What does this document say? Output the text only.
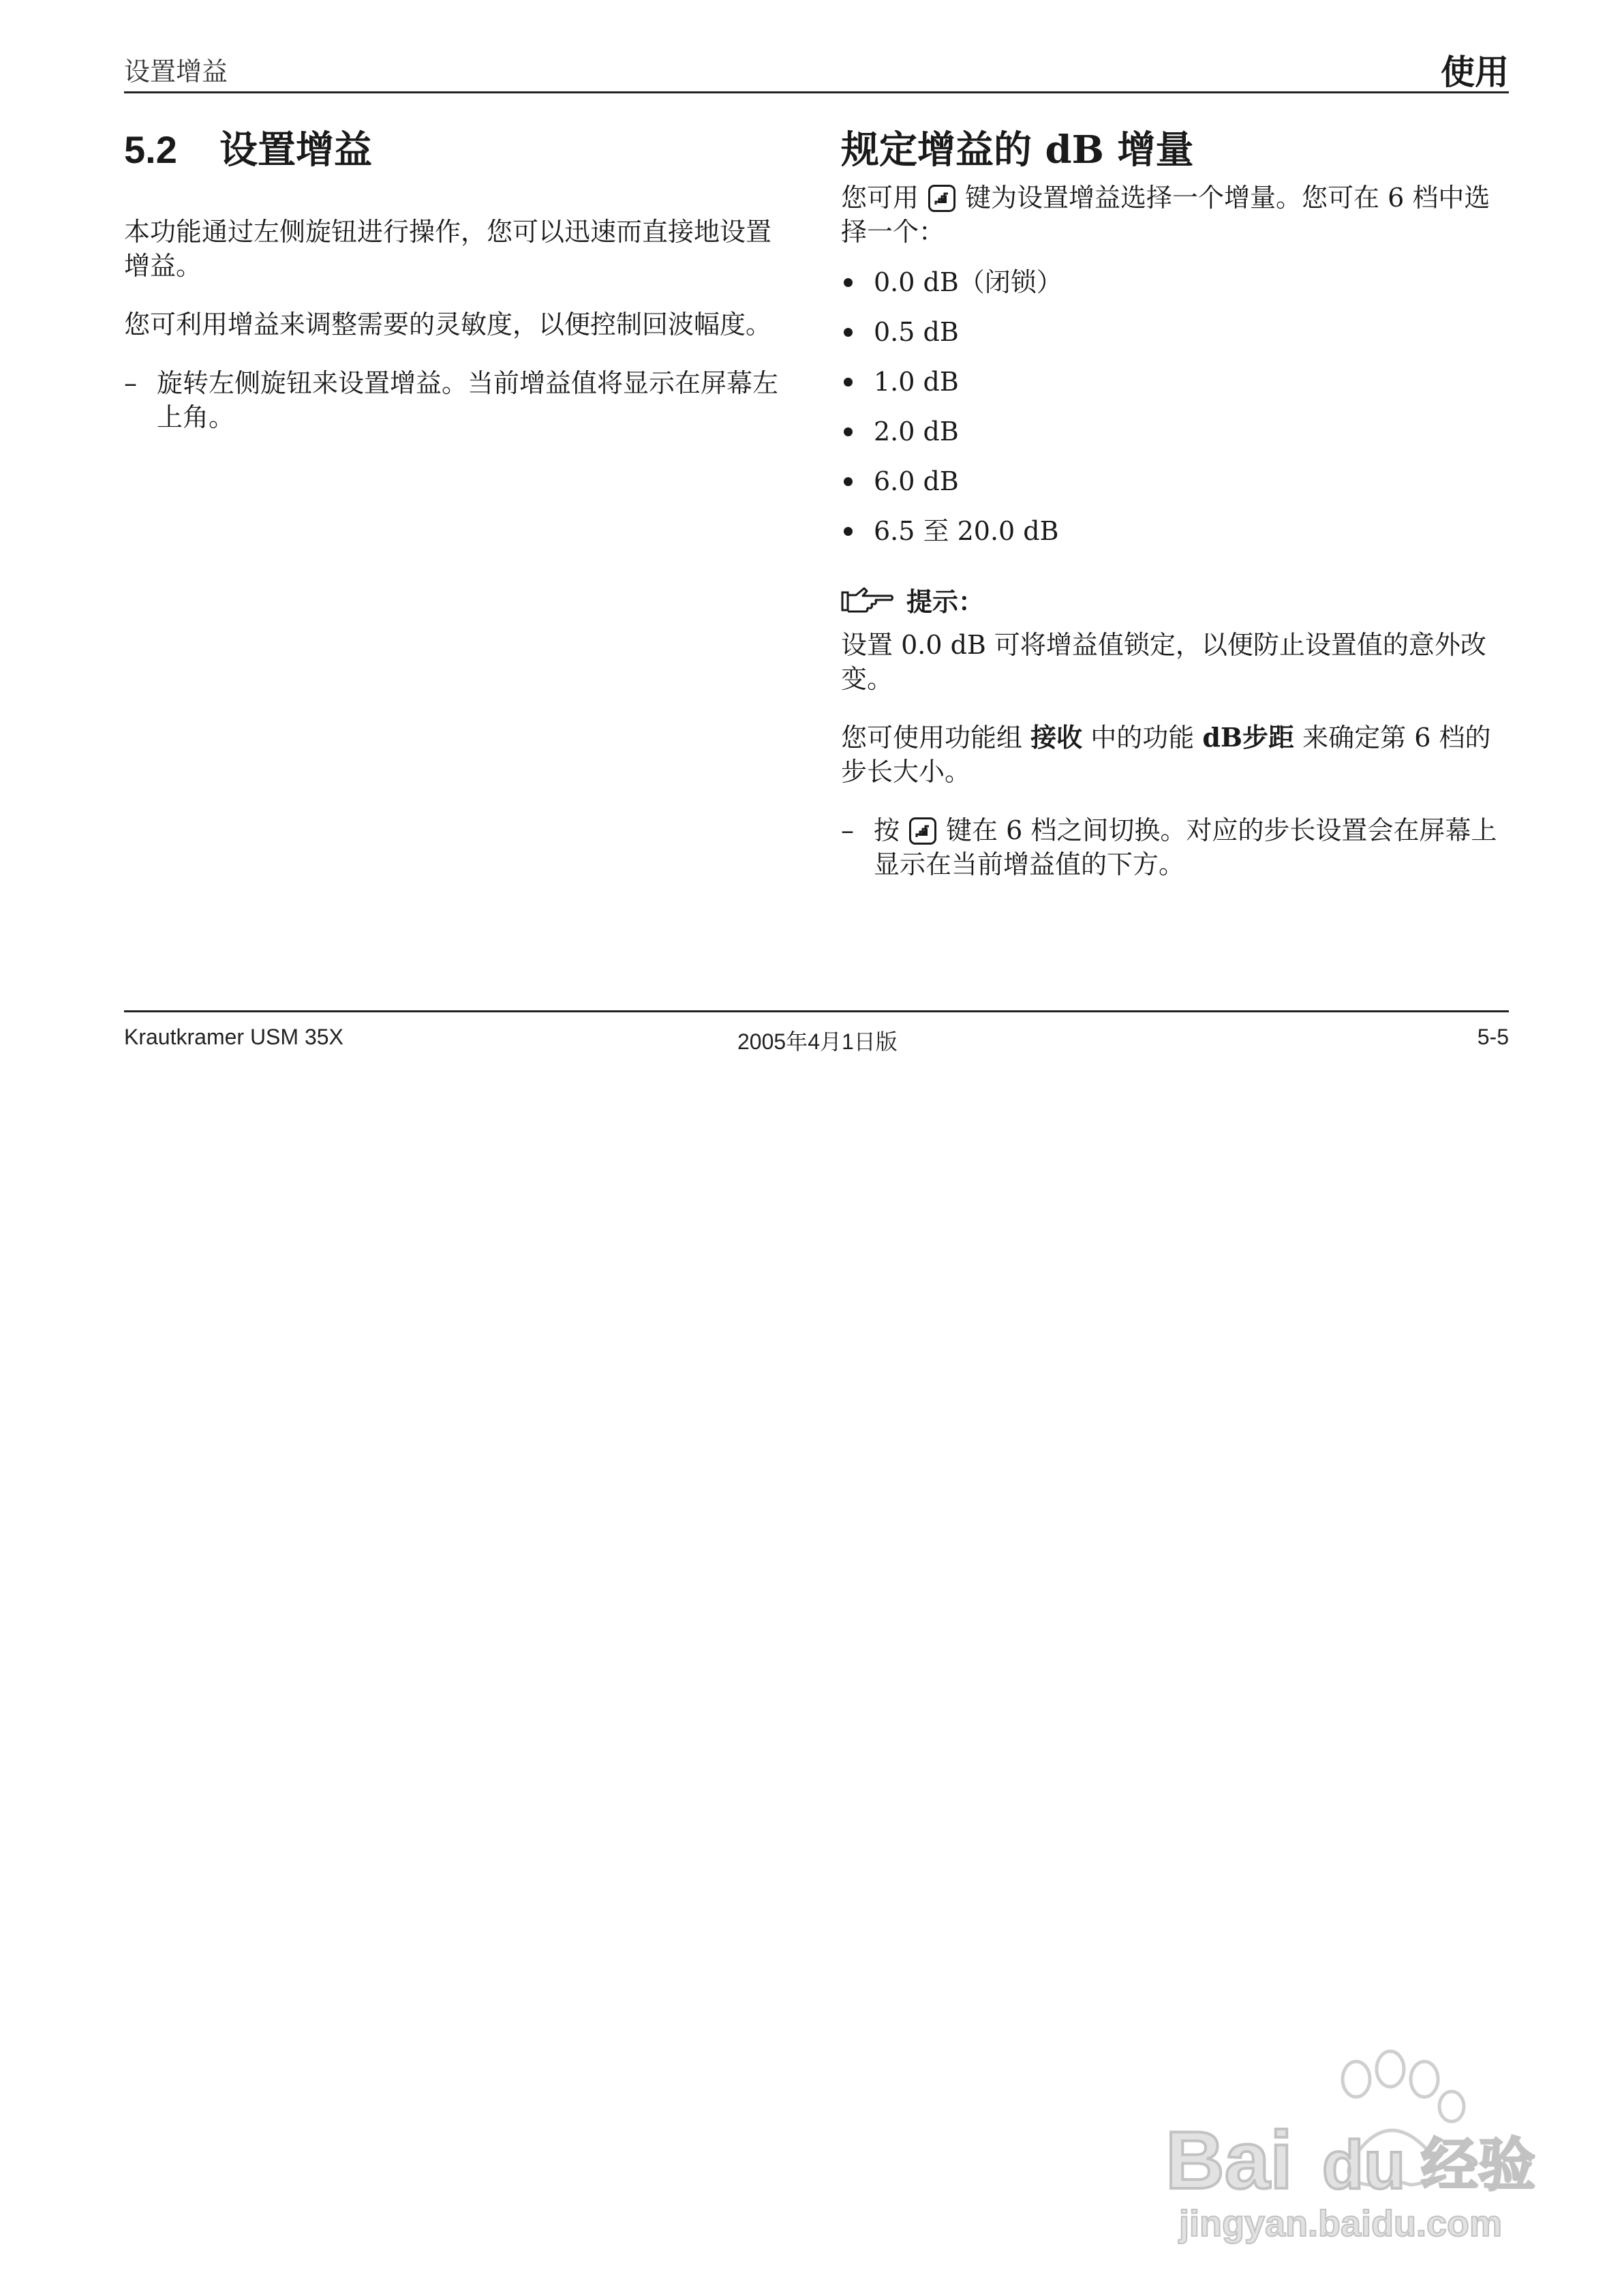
设置增益	使用
5.2 设置增益

本功能通过左侧旋钮进行操作，您可以迅速而直接地设置增益。

您可利用增益来调整需要的灵敏度，以便控制回波幅度。

– 旋转左侧旋钮来设置增益。当前增益值将显示在屏幕左上角。
规定增益的 dB 增量

您可用 键为设置增益选择一个增量。您可在 6 档中选择一个：

0.0 dB（闭锁）
0.5 dB
1.0 dB
2.0 dB
6.0 dB
6.5 至 20.0 dB
提示：

设置 0.0 dB 可将增益值锁定，以便防止设置值的意外改变。

您可使用功能组 接收 中的功能 dB步距 来确定第 6 档的步长大小。

– 按 键在 6 档之间切换。对应的步长设置会在屏幕上显示在当前增益值的下方。
Krautkramer USM 35X	2005年4月1日版	5-5
Bai du 经验
jingyan.baidu.com
